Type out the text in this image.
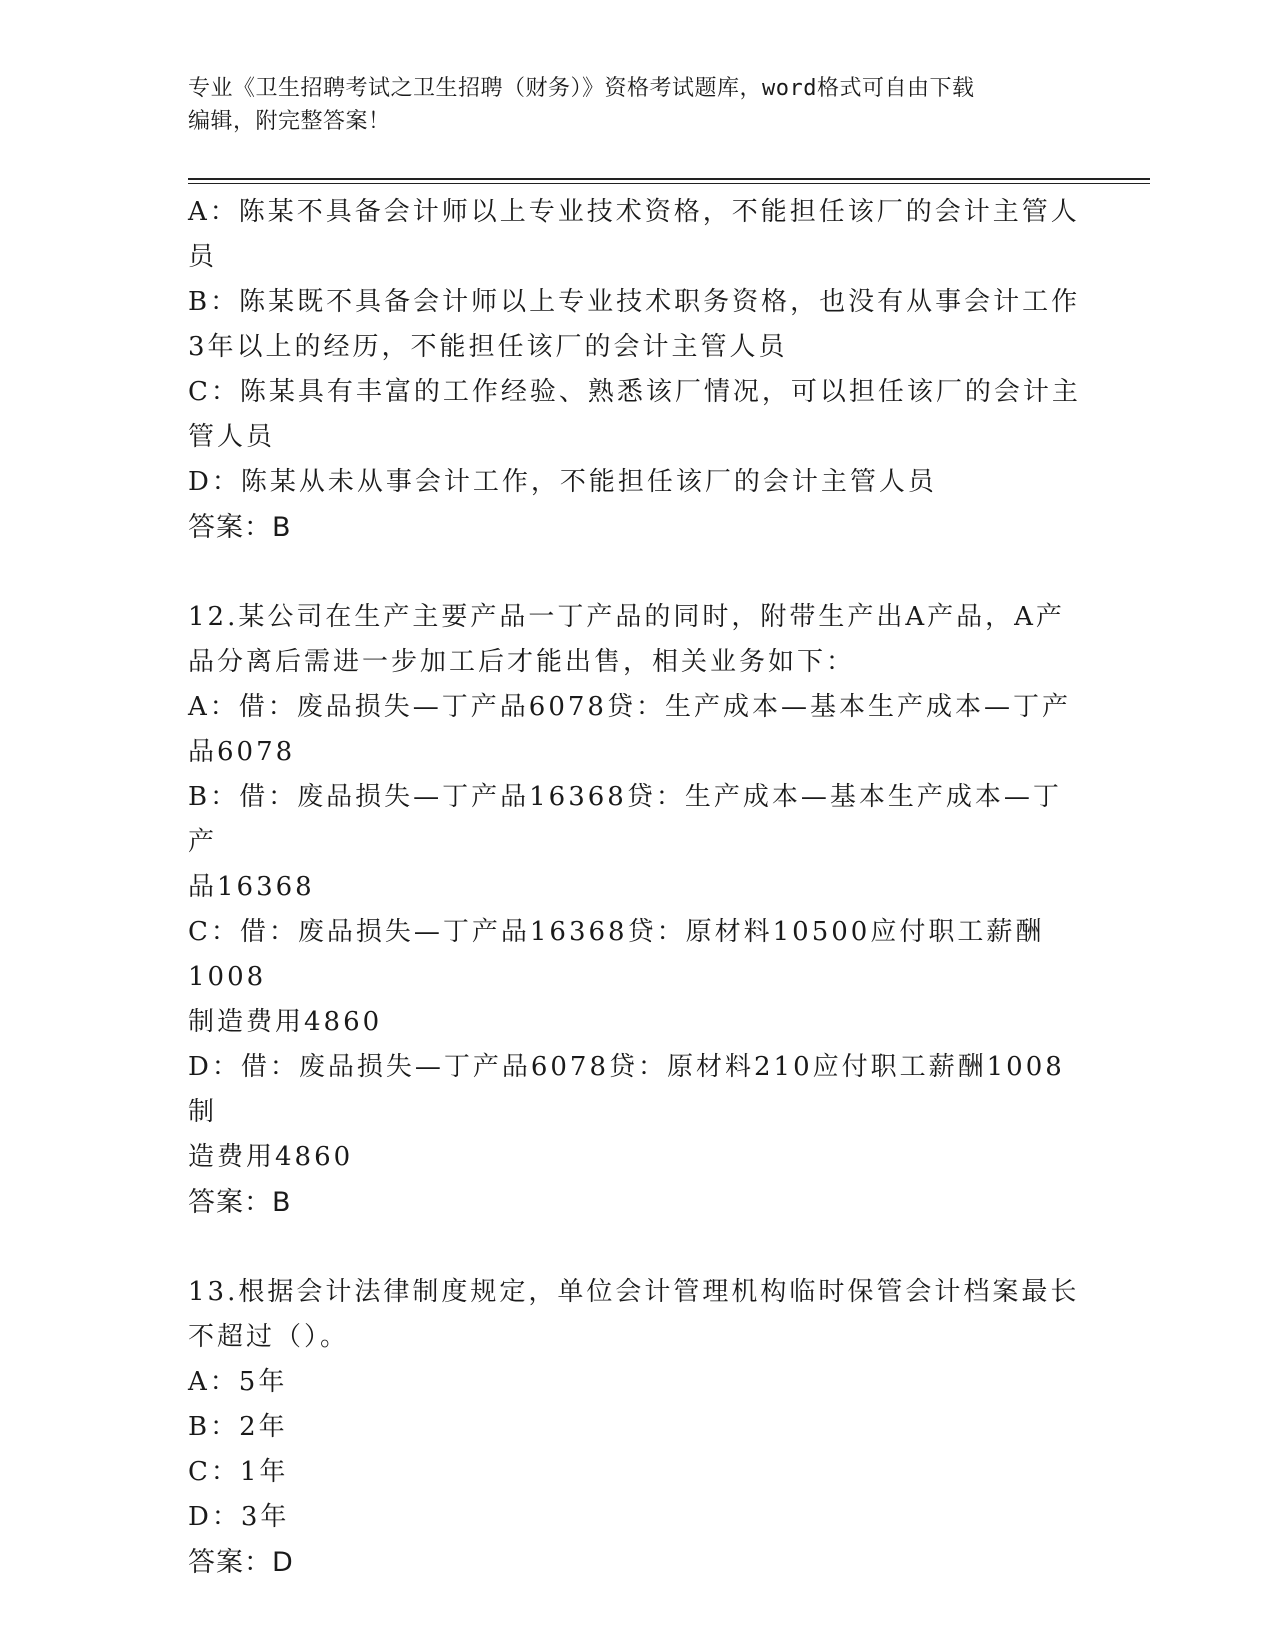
专业《卫生招聘考试之卫生招聘（财务）》资格考试题库，word格式可自由下载
编辑，附完整答案！
A：陈某不具备会计师以上专业技术资格，不能担任该厂的会计主管人
员
B：陈某既不具备会计师以上专业技术职务资格，也没有从事会计工作
3年以上的经历，不能担任该厂的会计主管人员
C：陈某具有丰富的工作经验、熟悉该厂情况，可以担任该厂的会计主
管人员
D：陈某从未从事会计工作，不能担任该厂的会计主管人员
答案：B
12.某公司在生产主要产品一丁产品的同时，附带生产出A产品，A产
品分离后需进一步加工后才能出售，相关业务如下：
A：借：废品损失—丁产品6078贷：生产成本—基本生产成本—丁产
品6078
B：借：废品损失—丁产品16368贷：生产成本—基本生产成本—丁产
品16368
C：借：废品损失—丁产品16368贷：原材料10500应付职工薪酬1008
制造费用4860
D：借：废品损失—丁产品6078贷：原材料210应付职工薪酬1008制
造费用4860
答案：B
13.根据会计法律制度规定，单位会计管理机构临时保管会计档案最长
不超过（）。
A：5年
B：2年
C：1年
D：3年
答案：D
